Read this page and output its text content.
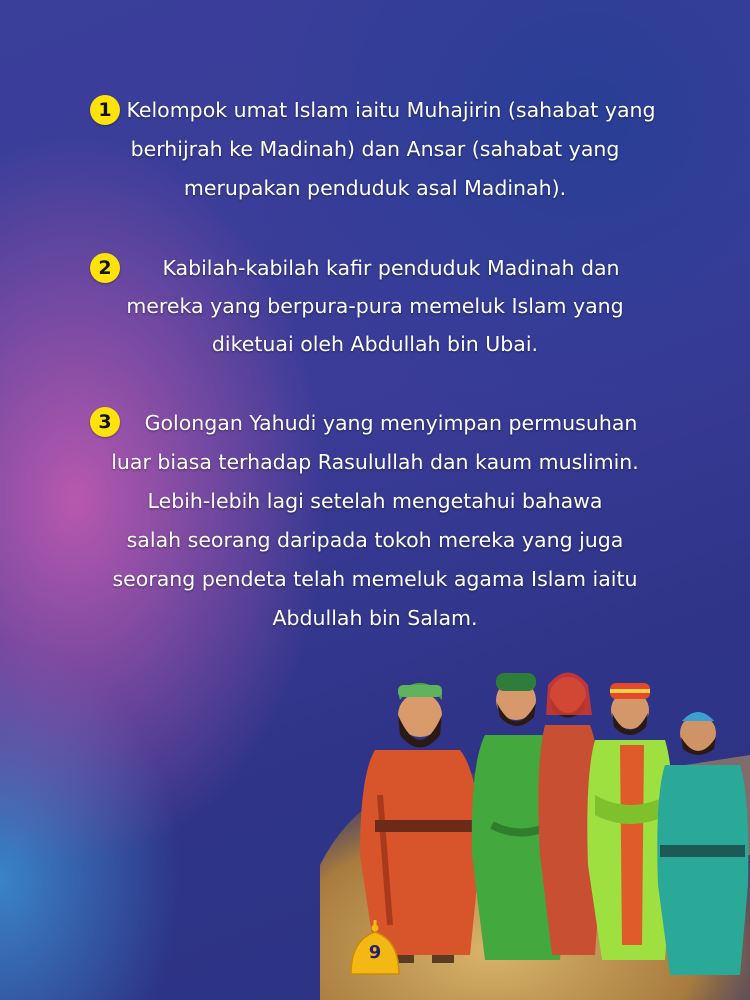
1 Kelompok umat Islam iaitu Muhajirin (sahabat yang
berhijrah ke Madinah) dan Ansar (sahabat yang
merupakan penduduk asal Madinah).
2	Kabilah-kabilah kafir penduduk Madinah dan
mereka yang berpura-pura memeluk Islam yang
diketuai oleh Abdullah bin Ubai.
3	Golongan Yahudi yang menyimpan permusuhan
luar biasa terhadap Rasulullah dan kaum muslimin.
Lebih-lebih lagi setelah mengetahui bahawa
salah seorang daripada tokoh mereka yang juga
seorang pendeta telah memeluk agama Islam iaitu
Abdullah bin Salam.
9
